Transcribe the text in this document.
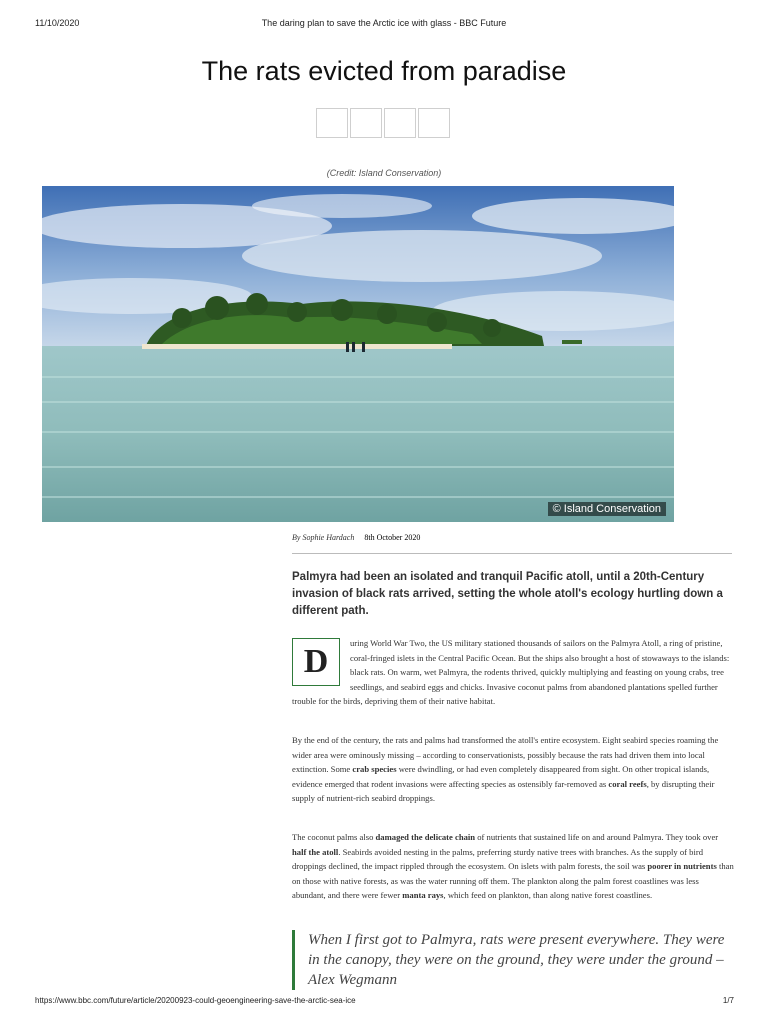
11/10/2020	The daring plan to save the Arctic ice with glass - BBC Future
The rats evicted from paradise
(Credit: Island Conservation)
© Island Conservation
By Sophie Hardach 8th October 2020

Palmyra had been an isolated and tranquil Pacific atoll, until a 20th-Century invasion of black rats arrived, setting the whole atoll's ecology hurtling down a different path.

D	uring World War Two, the US military stationed thousands of sailors on the Palmyra Atoll, a ring of pristine, coral-fringed islets in the Central Pacific Ocean. But the ships also brought a host of stowaways to the islands: black rats. On warm, wet Palmyra, the rodents thrived, quickly multiplying and feasting on young crabs, tree seedlings, and seabird eggs and chicks. Invasive coconut palms from abandoned plantations spelled further trouble for the birds, depriving them of their native habitat.

By the end of the century, the rats and palms had transformed the atoll's entire ecosystem. Eight seabird species roaming the wider area were ominously missing – according to conservationists, possibly because the rats had driven them into local extinction. Some crab species were dwindling, or had even completely disappeared from sight. On other tropical islands, evidence emerged that rodent invasions were affecting species as ostensibly far-removed as coral reefs, by disrupting their supply of nutrient-rich seabird droppings.

The coconut palms also damaged the delicate chain of nutrients that sustained life on and around Palmyra. They took over half the atoll. Seabirds avoided nesting in the palms, preferring sturdy native trees with branches. As the supply of bird droppings declined, the impact rippled through the ecosystem. On islets with palm forests, the soil was poorer in nutrients than on those with native forests, as was the water running off them. The plankton along the palm forest coastlines was less abundant, and there were fewer manta rays, which feed on plankton, than along native forest coastlines.

When I first got to Palmyra, rats were present everywhere. They were in the canopy, they were on the ground, they were under the ground – Alex Wegmann
https://www.bbc.com/future/article/20200923-could-geoengineering-save-the-arctic-sea-ice	1/7
